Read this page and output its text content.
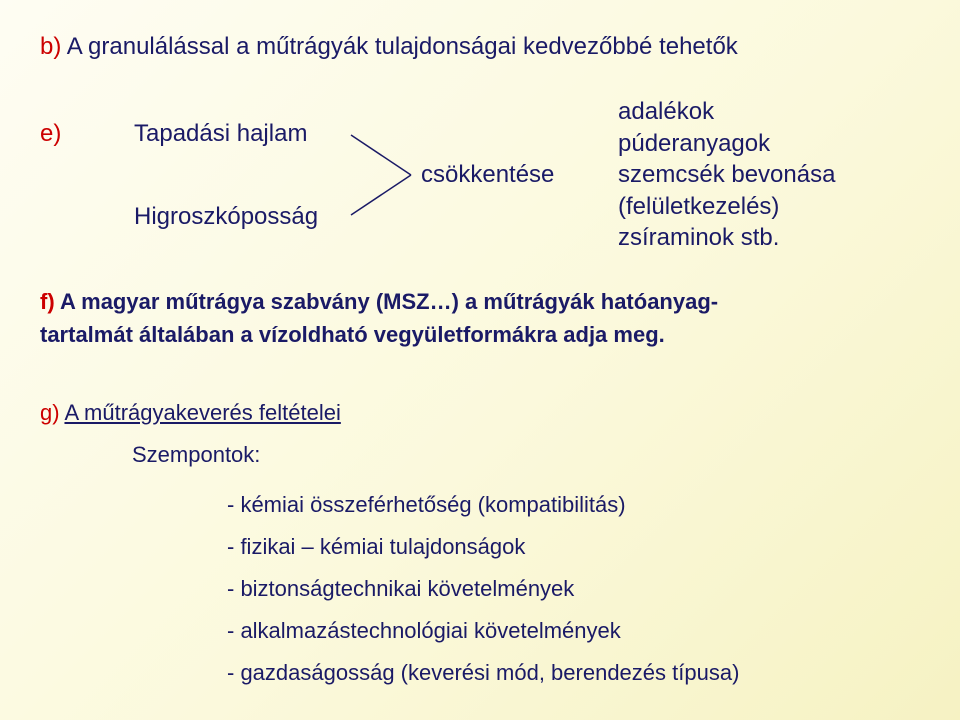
b) A granulálással a műtrágyák tulajdonságai kedvezőbbé tehetők
e)	Tapadási hajlam
Higroszkóposság
csökkentése
adalékok
púderanyagok
szemcsék bevonása
(felületkezelés)
zsíraminok stb.
f) A magyar műtrágya szabvány (MSZ…) a műtrágyák hatóanyag-
tartalmát általában a vízoldható vegyületformákra adja meg.
g) A műtrágyakeverés feltételei
Szempontok:
- kémiai összeférhetőség (kompatibilitás)
- fizikai – kémiai tulajdonságok
- biztonságtechnikai követelmények
- alkalmazástechnológiai követelmények
- gazdaságosság (keverési mód, berendezés típusa)
